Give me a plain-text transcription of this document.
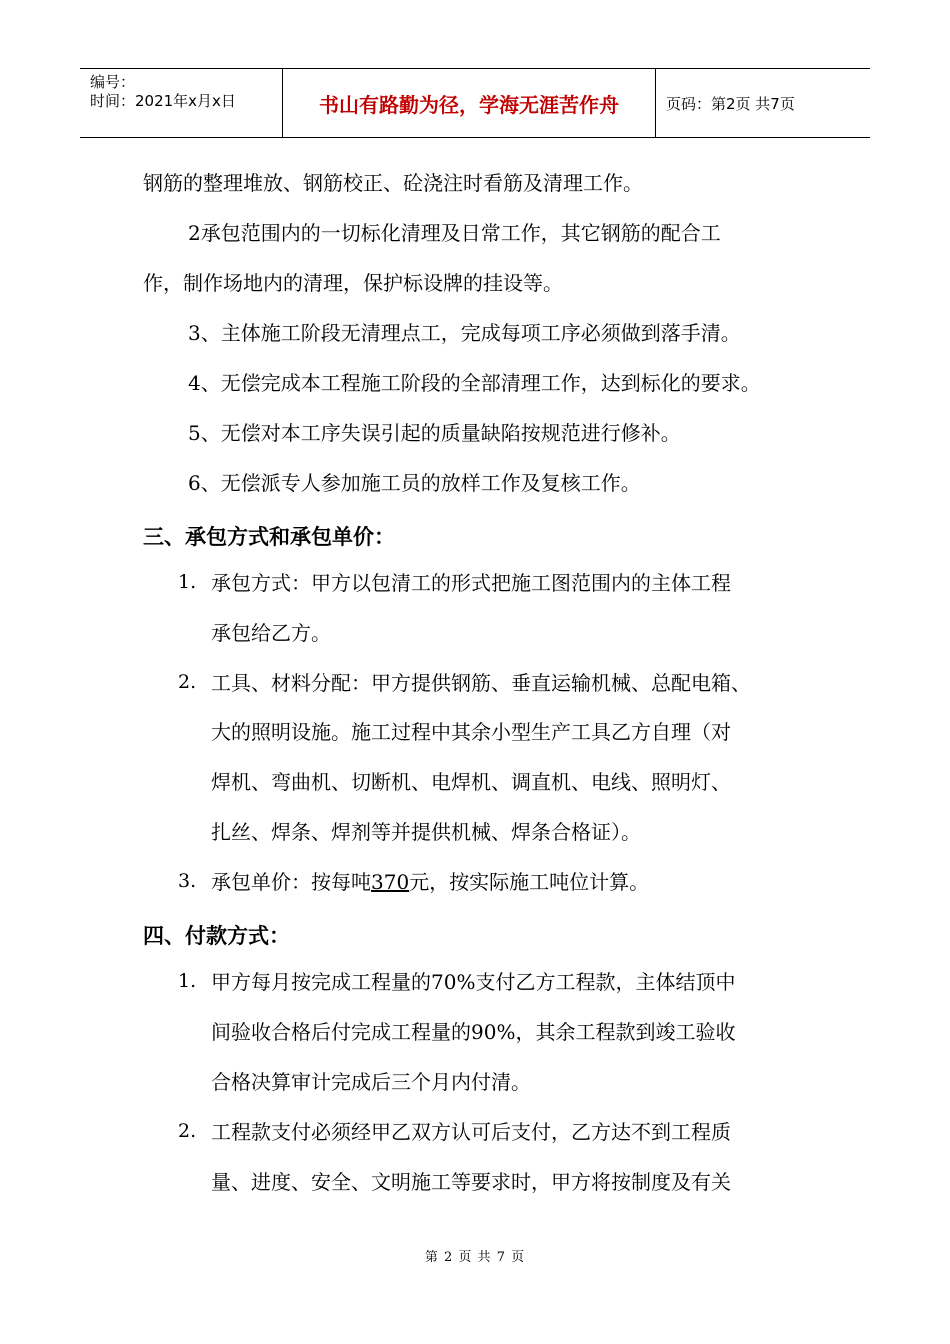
编号：
时间：2021年x月x日	书山有路勤为径，学海无涯苦作舟	页码：第2页 共7页
钢筋的整理堆放、钢筋校正、砼浇注时看筋及清理工作。
2承包范围内的一切标化清理及日常工作，其它钢筋的配合工
作，制作场地内的清理，保护标设牌的挂设等。
3、主体施工阶段无清理点工，完成每项工序必须做到落手清。
4、无偿完成本工程施工阶段的全部清理工作，达到标化的要求。
5、无偿对本工序失误引起的质量缺陷按规范进行修补。
6、无偿派专人参加施工员的放样工作及复核工作。
三、承包方式和承包单价：
1. 承包方式：甲方以包清工的形式把施工图范围内的主体工程
承包给乙方。
2. 工具、材料分配：甲方提供钢筋、垂直运输机械、总配电箱、
大的照明设施。施工过程中其余小型生产工具乙方自理（对
焊机、弯曲机、切断机、电焊机、调直机、电线、照明灯、
扎丝、焊条、焊剂等并提供机械、焊条合格证）。
3. 承包单价：按每吨370元，按实际施工吨位计算。
四、付款方式：
1. 甲方每月按完成工程量的70%支付乙方工程款，主体结顶中
间验收合格后付完成工程量的90%，其余工程款到竣工验收
合格决算审计完成后三个月内付清。
2. 工程款支付必须经甲乙双方认可后支付，乙方达不到工程质
量、进度、安全、文明施工等要求时，甲方将按制度及有关
第 2 页 共 7 页
